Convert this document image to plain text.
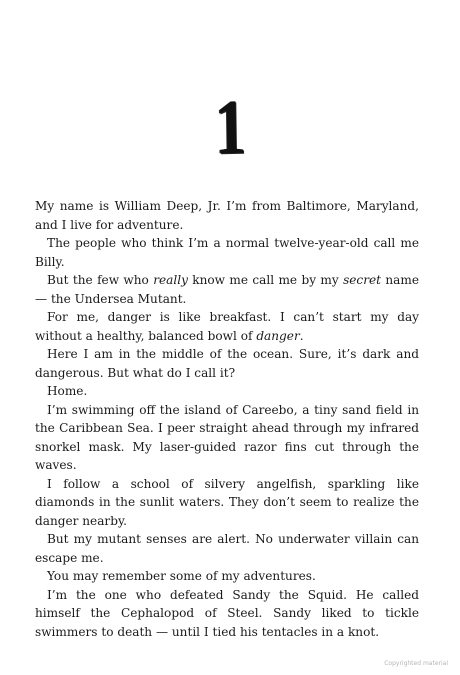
1

My name is William Deep, Jr. I’m from Baltimore, Maryland, and I live for adventure.

The people who think I’m a normal twelve-year-old call me Billy.

But the few who really know me call me by my secret name — the Undersea Mutant.

For me, danger is like breakfast. I can’t start my day without a healthy, balanced bowl of danger.

Here I am in the middle of the ocean. Sure, it’s dark and dangerous. But what do I call it?

Home.

I’m swimming off the island of Careebo, a tiny sand field in the Caribbean Sea. I peer straight ahead through my infrared snorkel mask. My laser-guided razor fins cut through the waves.

I follow a school of silvery angelfish, sparkling like diamonds in the sunlit waters. They don’t seem to realize the danger nearby.

But my mutant senses are alert. No underwater villain can escape me.

You may remember some of my adventures.

I’m the one who defeated Sandy the Squid. He called himself the Cephalopod of Steel. Sandy liked to tickle swimmers to death — until I tied his tentacles in a knot.

Copyrighted material
